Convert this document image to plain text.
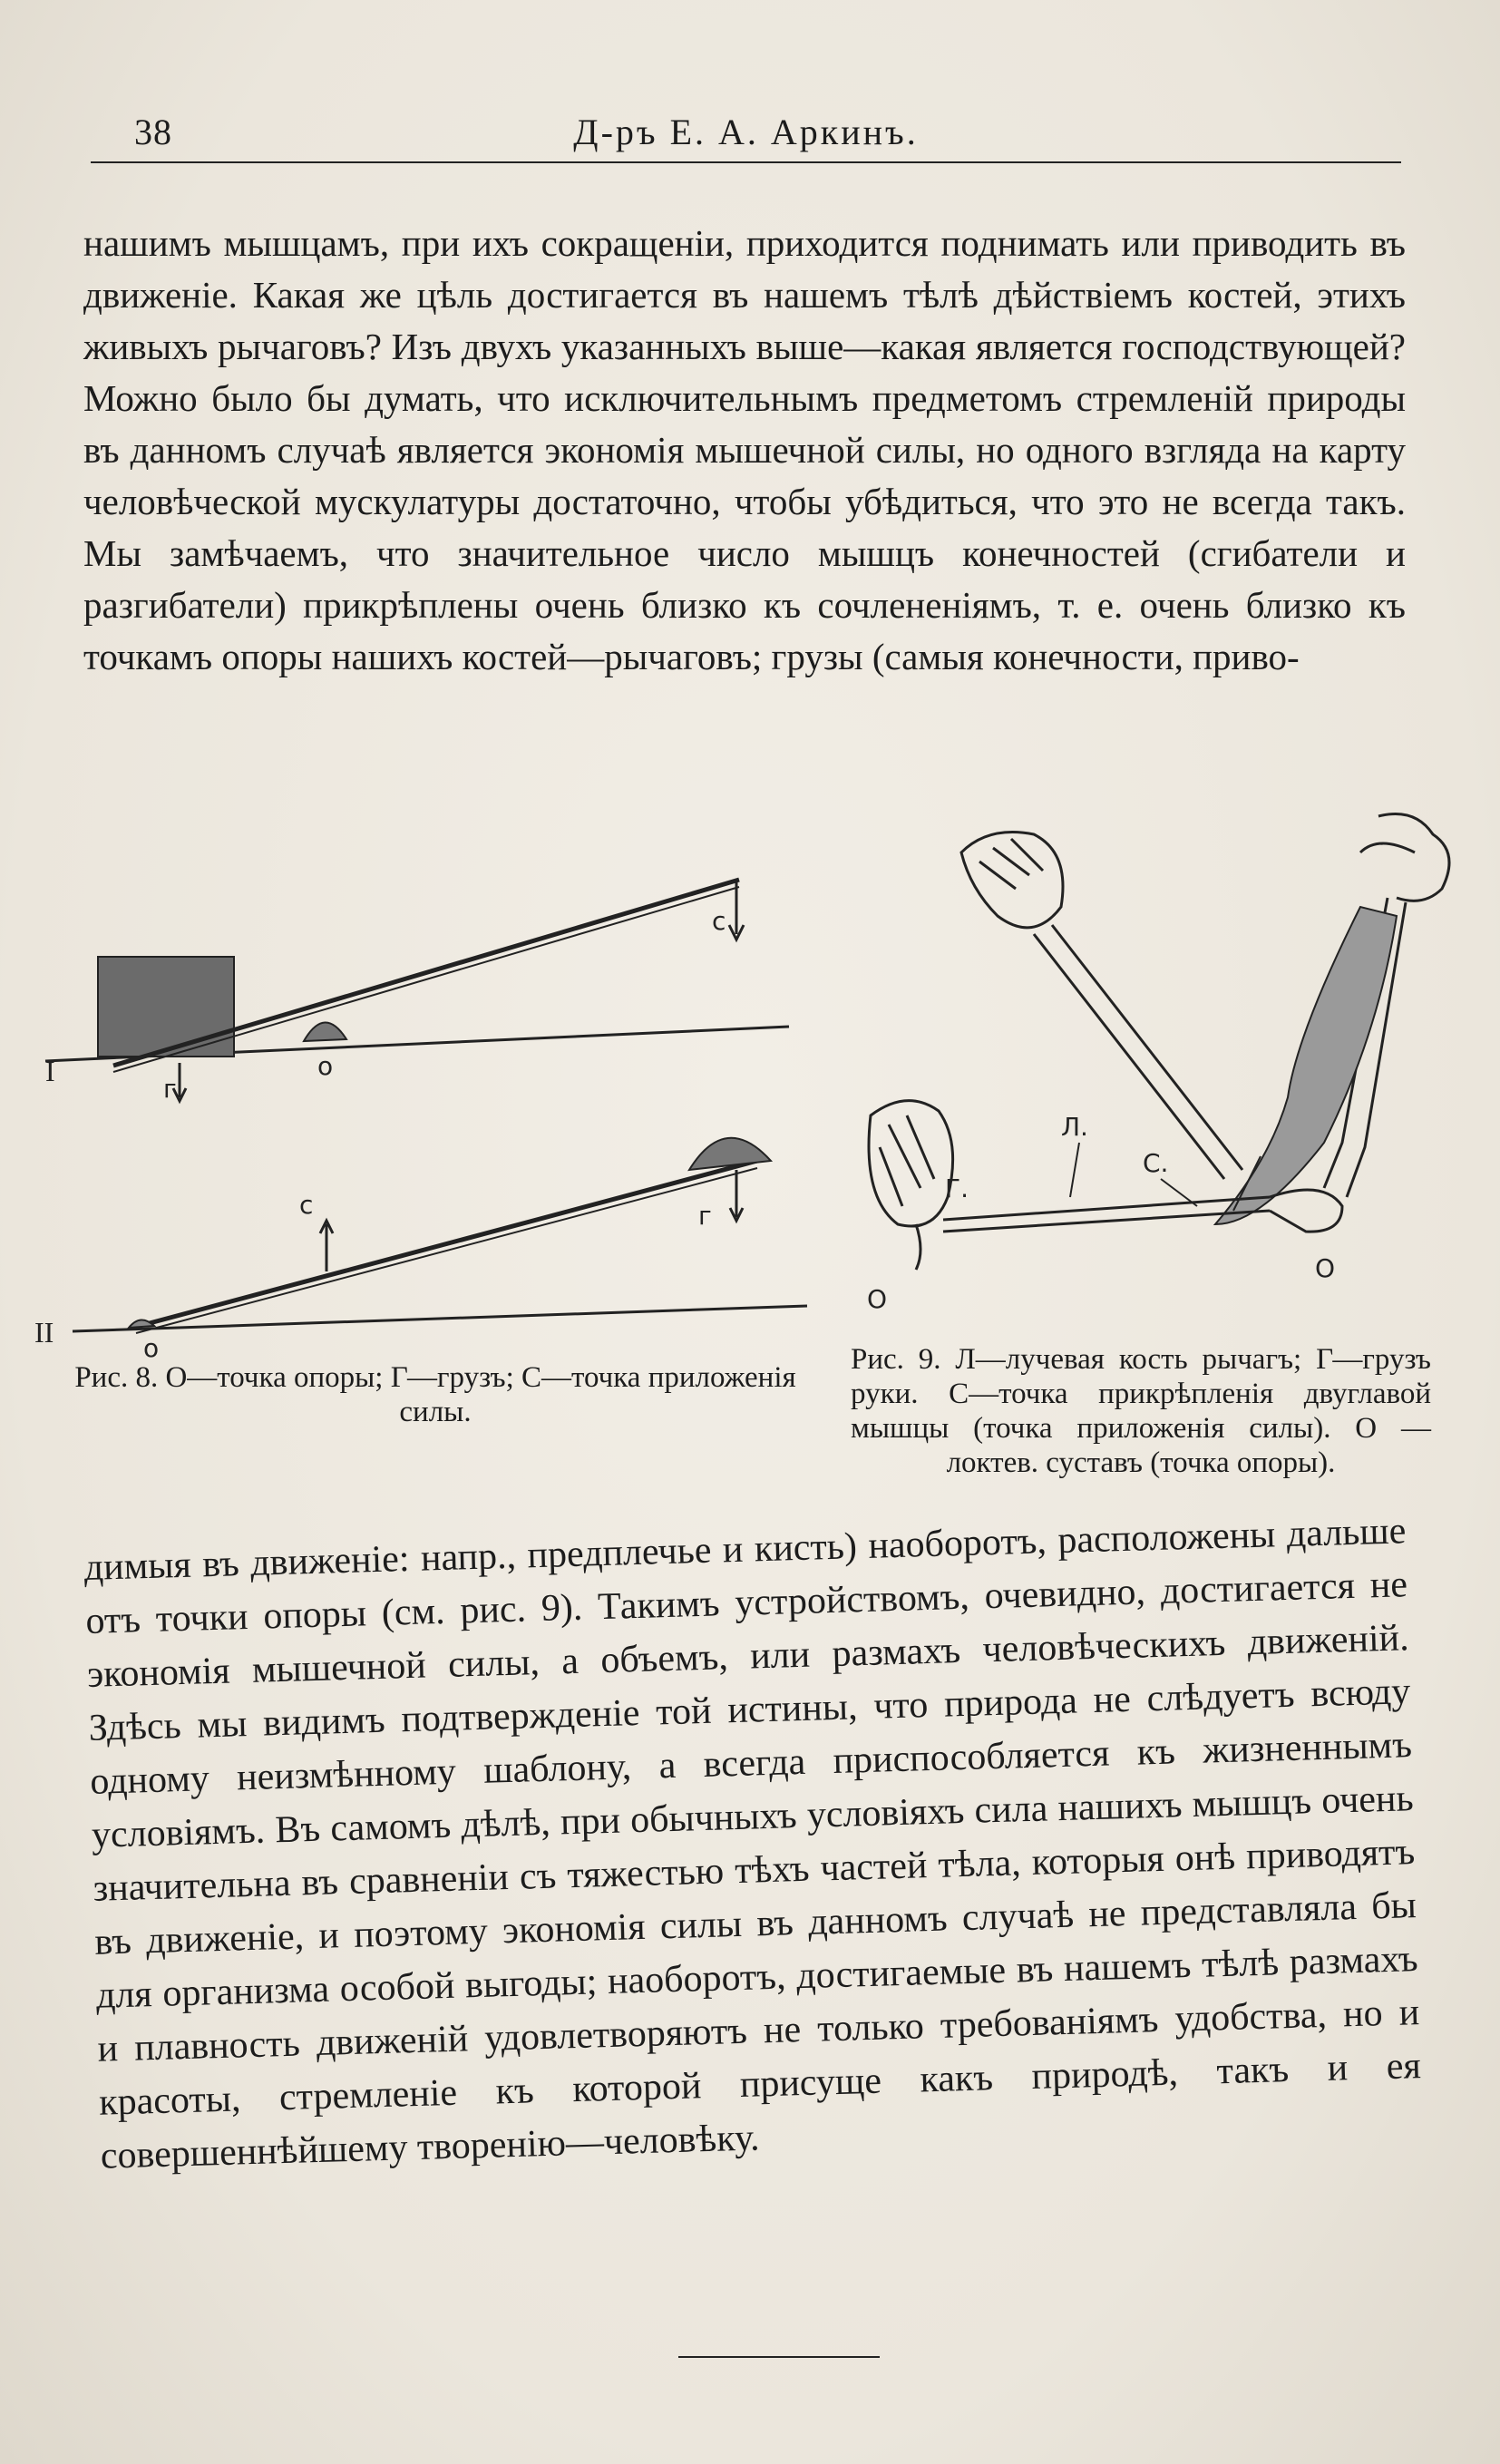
38	Д-ръ Е. А. Аркинъ.

нашимъ мышцамъ, при ихъ сокращеніи, приходится поднимать или приводить въ движеніе. Какая же цѣль достигается въ нашемъ тѣлѣ дѣйствіемъ костей, этихъ живыхъ рычаговъ? Изъ двухъ указанныхъ выше—какая является господствующей? Можно было бы думать, что исключительнымъ предметомъ стремленій природы въ данномъ случаѣ является экономія мышечной силы, но одного взгляда на карту человѣческой мускулатуры достаточно, чтобы убѣдиться, что это не всегда такъ. Мы замѣчаемъ, что значительное число мышцъ конечностей (сгибатели и разгибатели) прикрѣплены очень близко къ сочлененіямъ, т. е. очень близко къ точкамъ опоры нашихъ костей—рычаговъ; грузы (самыя конечности, приво-

I
с
г
о
II
с	г
о
Л.
Г.
С.
О
О

Рис. 8. О—точка опоры; Г—грузъ; С—точка приложенія силы.

Рис. 9. Л—лучевая кость рычагъ; Г—грузъ руки. С—точка прикрѣпленія двуглавой мышцы (точка приложенія силы). О — локтев. суставъ (точка опоры).

димыя въ движеніе: напр., предплечье и кисть) наоборотъ, расположены дальше отъ точки опоры (см. рис. 9). Такимъ устройствомъ, очевидно, достигается не экономія мышечной силы, а объемъ, или размахъ человѣческихъ движеній. Здѣсь мы видимъ подтвержденіе той истины, что природа не слѣдуетъ всюду одному неизмѣнному шаблону, а всегда приспособляется къ жизненнымъ условіямъ. Въ самомъ дѣлѣ, при обычныхъ условіяхъ сила нашихъ мышцъ очень значительна въ сравненіи съ тяжестью тѣхъ частей тѣла, которыя онѣ приводятъ въ движеніе, и поэтому экономія силы въ данномъ случаѣ не представляла бы для организма особой выгоды; наоборотъ, достигаемые въ нашемъ тѣлѣ размахъ и плавность движеній удовлетворяютъ не только требованіямъ удобства, но и красоты, стремленіе къ которой присуще какъ природѣ, такъ и ея совершеннѣйшему творенію—человѣку.
